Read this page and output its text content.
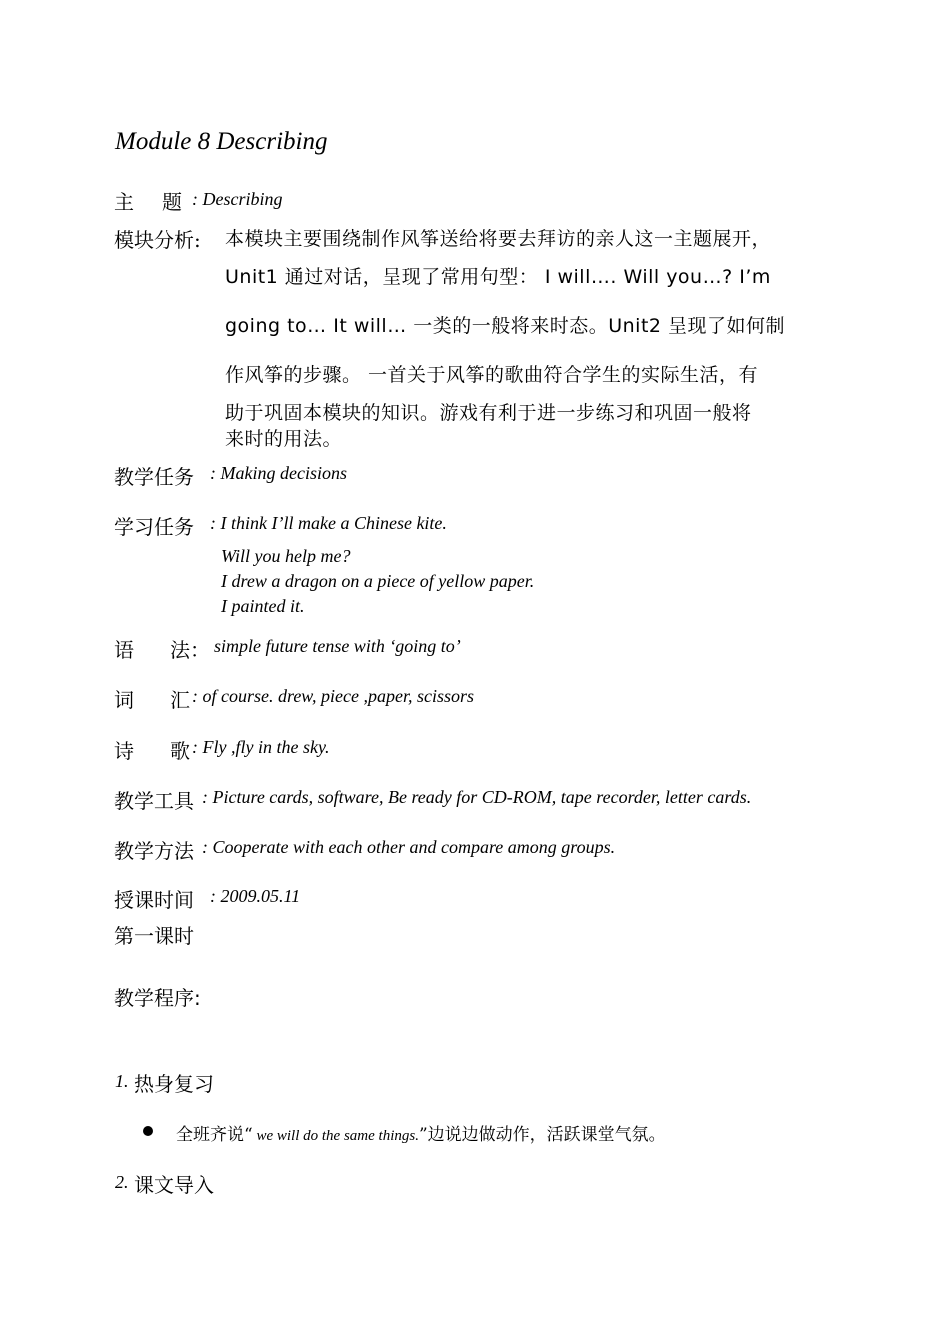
Module 8 Describing
主 题 : Describing
模块分析: 本模块主要围绕制作风筝送给将要去拜访的亲人这一主题展开，
Unit1 通过对话，呈现了常用句型： I will…. Will you…? I’m
going to… It will… 一类的一般将来时态。Unit2 呈现了如何制
作风筝的步骤。 一首关于风筝的歌曲符合学生的实际生活，有
助于巩固本模块的知识。游戏有利于进一步练习和巩固一般将
来时的用法。
教学任务 : Making decisions
学习任务 : I think I’ll make a Chinese kite.
Will you help me?
I drew a dragon on a piece of yellow paper.
I painted it.
语 法： simple future tense with ‘going to’
词 汇 : of course. drew, piece ,paper, scissors
诗 歌 : Fly ,fly in the sky.
教学工具 : Picture cards, software, Be ready for CD-ROM, tape recorder, letter cards.
教学方法 : Cooperate with each other and compare among groups.
授课时间 : 2009.05.11
第一课时
教学程序:
1. 热身复习
全班齐说“ we will do the same things.”边说边做动作，活跃课堂气氛。
2. 课文导入
